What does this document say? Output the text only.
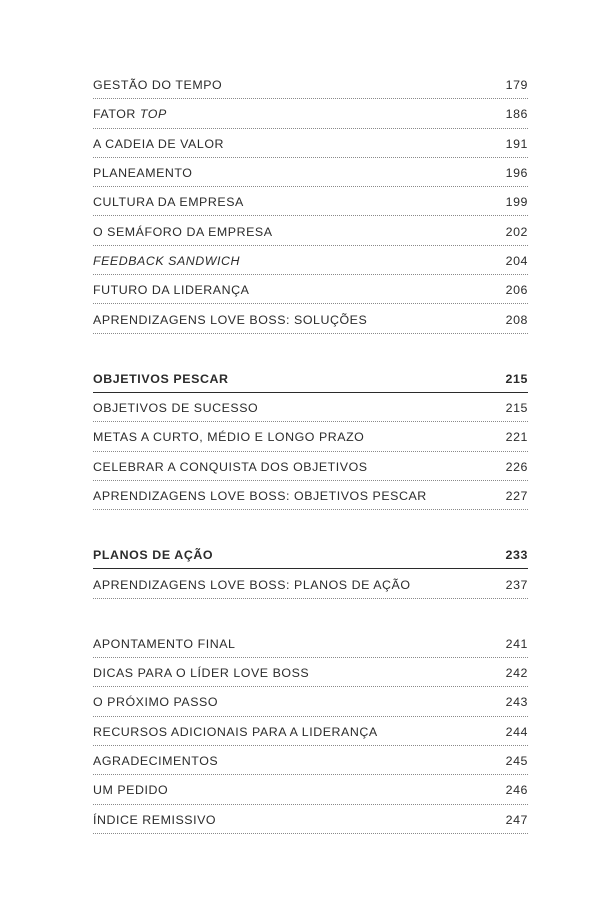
GESTÃO DO TEMPO	179
FATOR TOP	186
A CADEIA DE VALOR	191
PLANEAMENTO	196
CULTURA DA EMPRESA	199
O SEMÁFORO DA EMPRESA	202
FEEDBACK SANDWICH	204
FUTURO DA LIDERANÇA	206
APRENDIZAGENS LOVE BOSS: SOLUÇÕES	208
OBJETIVOS PESCAR	215
OBJETIVOS DE SUCESSO	215
METAS A CURTO, MÉDIO E LONGO PRAZO	221
CELEBRAR A CONQUISTA DOS OBJETIVOS	226
APRENDIZAGENS LOVE BOSS: OBJETIVOS PESCAR	227
PLANOS DE AÇÃO	233
APRENDIZAGENS LOVE BOSS: PLANOS DE AÇÃO	237
APONTAMENTO FINAL	241
DICAS PARA O LÍDER LOVE BOSS	242
O PRÓXIMO PASSO	243
RECURSOS ADICIONAIS PARA A LIDERANÇA	244
AGRADECIMENTOS	245
UM PEDIDO	246
ÍNDICE REMISSIVO	247
